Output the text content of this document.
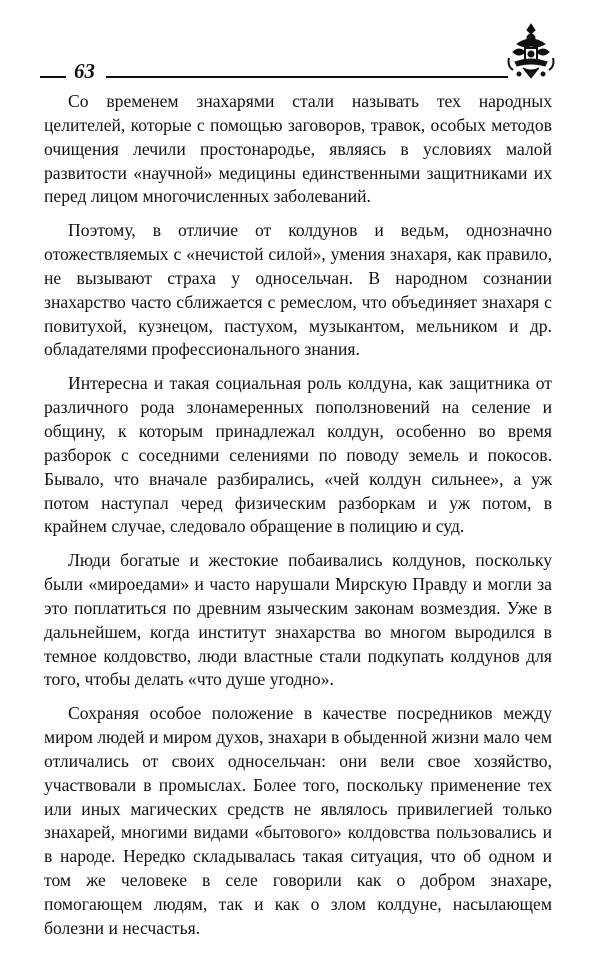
63

Со временем знахарями стали называть тех народных целителей, которые с помощью заговоров, травок, особых методов очищения лечили простонародье, являясь в условиях малой развитости «научной» медицины единственными защитниками их перед лицом многочисленных заболеваний.

Поэтому, в отличие от колдунов и ведьм, однозначно отожествляемых с «нечистой силой», умения знахаря, как правило, не вызывают страха у односельчан. В народном сознании знахарство часто сближается с ремеслом, что объединяет знахаря с повитухой, кузнецом, пастухом, музыкантом, мельником и др. обладателями профессионального знания.

Интересна и такая социальная роль колдуна, как защитника от различного рода злонамеренных поползновений на селение и общину, к которым принадлежал колдун, особенно во время разборок с соседними селениями по поводу земель и покосов. Бывало, что вначале разбирались, «чей колдун сильнее», а уж потом наступал черед физическим разборкам и уж потом, в крайнем случае, следовало обращение в полицию и суд.

Люди богатые и жестокие побаивались колдунов, поскольку были «мироедами» и часто нарушали Мирскую Правду и могли за это поплатиться по древним языческим законам возмездия. Уже в дальнейшем, когда институт знахарства во многом выродился в темное колдовство, люди властные стали подкупать колдунов для того, чтобы делать «что душе угодно».

Сохраняя особое положение в качестве посредников между миром людей и миром духов, знахари в обыденной жизни мало чем отличались от своих односельчан: они вели свое хозяйство, участвовали в промыслах. Более того, поскольку применение тех или иных магических средств не являлось привилегией только знахарей, многими видами «бытового» колдовства пользовались и в народе. Нередко складывалась такая ситуация, что об одном и том же человеке в селе говорили как о добром знахаре, помогающем людям, так и как о злом колдуне, насылающем болезни и несчастья.
